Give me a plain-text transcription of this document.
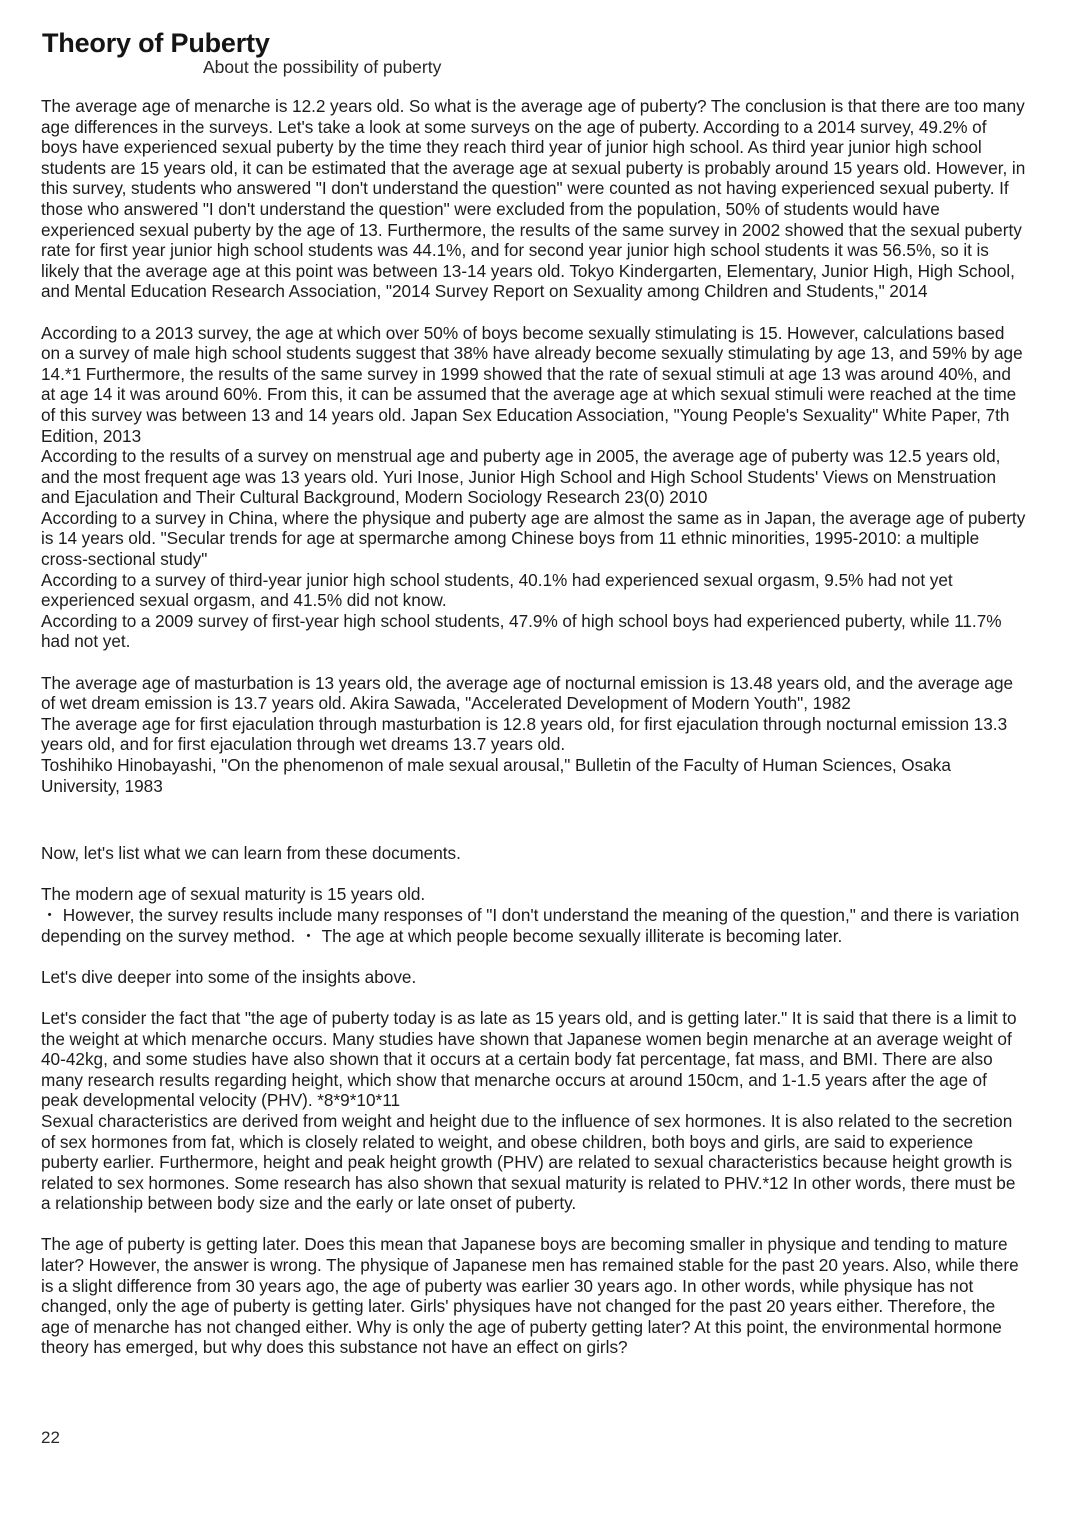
Theory of Puberty
About the possibility of puberty

The average age of menarche is 12.2 years old. So what is the average age of puberty? The conclusion is that there are too many age differences in the surveys. Let's take a look at some surveys on the age of puberty. According to a 2014 survey, 49.2% of boys have experienced sexual puberty by the time they reach third year of junior high school. As third year junior high school students are 15 years old, it can be estimated that the average age at sexual puberty is probably around 15 years old. However, in this survey, students who answered "I don't understand the question" were counted as not having experienced sexual puberty. If those who answered "I don't understand the question" were excluded from the population, 50% of students would have experienced sexual puberty by the age of 13. Furthermore, the results of the same survey in 2002 showed that the sexual puberty rate for first year junior high school students was 44.1%, and for second year junior high school students it was 56.5%, so it is likely that the average age at this point was between 13-14 years old. Tokyo Kindergarten, Elementary, Junior High, High School, and Mental Education Research Association, "2014 Survey Report on Sexuality among Children and Students," 2014

According to a 2013 survey, the age at which over 50% of boys become sexually stimulating is 15. However, calculations based on a survey of male high school students suggest that 38% have already become sexually stimulating by age 13, and 59% by age 14.*1 Furthermore, the results of the same survey in 1999 showed that the rate of sexual stimuli at age 13 was around 40%, and at age 14 it was around 60%. From this, it can be assumed that the average age at which sexual stimuli were reached at the time of this survey was between 13 and 14 years old. Japan Sex Education Association, "Young People's Sexuality" White Paper, 7th Edition, 2013

According to the results of a survey on menstrual age and puberty age in 2005, the average age of puberty was 12.5 years old, and the most frequent age was 13 years old. Yuri Inose, Junior High School and High School Students' Views on Menstruation and Ejaculation and Their Cultural Background, Modern Sociology Research 23(0) 2010

According to a survey in China, where the physique and puberty age are almost the same as in Japan, the average age of puberty is 14 years old. "Secular trends for age at spermarche among Chinese boys from 11 ethnic minorities, 1995-2010: a multiple cross-sectional study"

According to a survey of third-year junior high school students, 40.1% had experienced sexual orgasm, 9.5% had not yet experienced sexual orgasm, and 41.5% did not know.

According to a 2009 survey of first-year high school students, 47.9% of high school boys had experienced puberty, while 11.7% had not yet.

The average age of masturbation is 13 years old, the average age of nocturnal emission is 13.48 years old, and the average age of wet dream emission is 13.7 years old. Akira Sawada, "Accelerated Development of Modern Youth", 1982

The average age for first ejaculation through masturbation is 12.8 years old, for first ejaculation through nocturnal emission 13.3 years old, and for first ejaculation through wet dreams 13.7 years old.

Toshihiko Hinobayashi, "On the phenomenon of male sexual arousal," Bulletin of the Faculty of Human Sciences, Osaka University, 1983

Now, let's list what we can learn from these documents.

The modern age of sexual maturity is 15 years old.

・ However, the survey results include many responses of "I don't understand the meaning of the question," and there is variation depending on the survey method. ・ The age at which people become sexually illiterate is becoming later.

Let's dive deeper into some of the insights above.

Let's consider the fact that "the age of puberty today is as late as 15 years old, and is getting later." It is said that there is a limit to the weight at which menarche occurs. Many studies have shown that Japanese women begin menarche at an average weight of 40-42kg, and some studies have also shown that it occurs at a certain body fat percentage, fat mass, and BMI. There are also many research results regarding height, which show that menarche occurs at around 150cm, and 1-1.5 years after the age of peak developmental velocity (PHV). *8*9*10*11

Sexual characteristics are derived from weight and height due to the influence of sex hormones. It is also related to the secretion of sex hormones from fat, which is closely related to weight, and obese children, both boys and girls, are said to experience puberty earlier. Furthermore, height and peak height growth (PHV) are related to sexual characteristics because height growth is related to sex hormones. Some research has also shown that sexual maturity is related to PHV.*12 In other words, there must be a relationship between body size and the early or late onset of puberty.

The age of puberty is getting later. Does this mean that Japanese boys are becoming smaller in physique and tending to mature later? However, the answer is wrong. The physique of Japanese men has remained stable for the past 20 years. Also, while there is a slight difference from 30 years ago, the age of puberty was earlier 30 years ago. In other words, while physique has not changed, only the age of puberty is getting later. Girls' physiques have not changed for the past 20 years either. Therefore, the age of menarche has not changed either. Why is only the age of puberty getting later? At this point, the environmental hormone theory has emerged, but why does this substance not have an effect on girls?

22
